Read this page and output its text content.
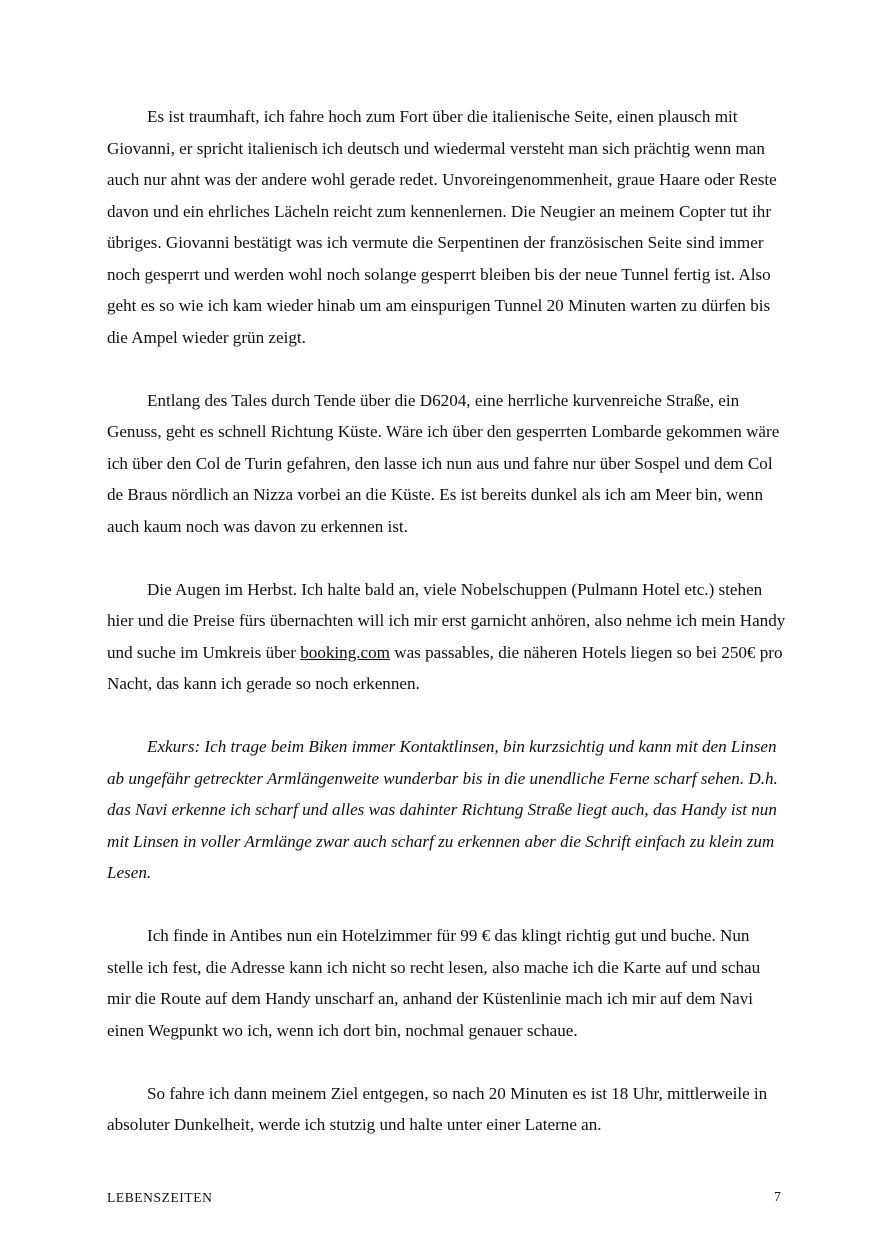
Es ist traumhaft, ich fahre hoch zum Fort über die italienische Seite, einen plausch mit Giovanni, er spricht italienisch ich deutsch und wiedermal versteht man sich prächtig wenn man auch nur ahnt was der andere wohl gerade redet. Unvoreingenommenheit, graue Haare oder Reste davon und ein ehrliches Lächeln reicht zum kennenlernen. Die Neugier an meinem Copter tut ihr übriges. Giovanni bestätigt was ich vermute die Serpentinen der französischen Seite sind immer noch gesperrt und werden wohl noch solange gesperrt bleiben bis der neue Tunnel fertig ist. Also geht es so wie ich kam wieder hinab um am einspurigen Tunnel 20 Minuten warten zu dürfen bis die Ampel wieder grün zeigt.

Entlang des Tales durch Tende über die D6204, eine herrliche kurvenreiche Straße, ein Genuss, geht es schnell Richtung Küste. Wäre ich über den gesperrten Lombarde gekommen wäre ich über den Col de Turin gefahren, den lasse ich nun aus und fahre nur über Sospel und dem Col de Braus nördlich an Nizza vorbei an die Küste. Es ist bereits dunkel als ich am Meer bin, wenn auch kaum noch was davon zu erkennen ist.

Die Augen im Herbst. Ich halte bald an, viele Nobelschuppen (Pulmann Hotel etc.) stehen hier und die Preise fürs übernachten will ich mir erst garnicht anhören, also nehme ich mein Handy und suche im Umkreis über booking.com was passables, die näheren Hotels liegen so bei 250€ pro Nacht, das kann ich gerade so noch erkennen.

Exkurs: Ich trage beim Biken immer Kontaktlinsen, bin kurzsichtig und kann mit den Linsen ab ungefähr getreckter Armlängenweite wunderbar bis in die unendliche Ferne scharf sehen. D.h. das Navi erkenne ich scharf und alles was dahinter Richtung Straße liegt auch, das Handy ist nun mit Linsen in voller Armlänge zwar auch scharf zu erkennen aber die Schrift einfach zu klein zum Lesen.

Ich finde in Antibes nun ein Hotelzimmer für 99 € das klingt richtig gut und buche. Nun stelle ich fest, die Adresse kann ich nicht so recht lesen, also mache ich die Karte auf und schau mir die Route auf dem Handy unscharf an, anhand der Küstenlinie mach ich mir auf dem Navi einen Wegpunkt wo ich, wenn ich dort bin, nochmal genauer schaue.

So fahre ich dann meinem Ziel entgegen, so nach 20 Minuten es ist 18 Uhr, mittlerweile in absoluter Dunkelheit, werde ich stutzig und halte unter einer Laterne an.

LEBENSZEITEN	7
